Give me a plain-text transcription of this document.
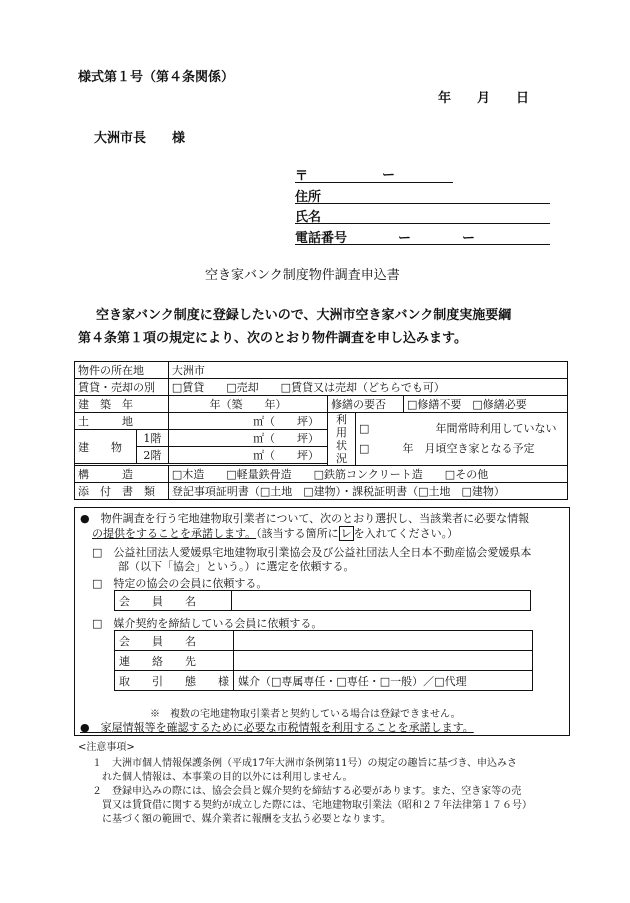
様式第１号（第４条関係）
年　　月　　日
大洲市長　　様
〒	ー
住所
氏名
電話番号	ー	ー
空き家バンク制度物件調査申込書
空き家バンク制度に登録したいので、大洲市空き家バンク制度実施要綱
第４条第１項の規定により、次のとおり物件調査を申し込みます。
物件の所在地		大洲市			
賃貸・売却の別		□賃貸　　□売却　　□賃貸又は売却（どちらでも可）			
建　築　年		年（築　　年）	修繕の要否		□修繕不要　□修繕必要
土　　　地		㎡（　　坪）	利用状況	□　　　　　　年間常時利用していない
□　　　年　月頃空き家となる予定	

建　　物	1階	㎡（　　坪）			
	2階	㎡（　　坪）			

構　　　造		□木造　　□軽量鉄骨造　　□鉄筋コンクリート造　　□その他			
添　付　書　類		登記事項証明書（□土地　□建物）・課税証明書（□土地　□建物）			
●　物件調査を行う宅地建物取引業者について、次のとおり選択し、当該業者に必要な情報
の提供をすることを承諾します。（該当する箇所に レ を入れてください。）
□　公益社団法人愛媛県宅地建物取引業協会及び公益社団法人全日本不動産協会愛媛県本
部（以下「協会」という。）に選定を依頼する。
□　特定の協会の会員に依頼する。
会　　員　　名	
□　媒介契約を締結している会員に依頼する。
会　　員　　名	
連　　絡　　先	
取　　引　　態　　様	媒介（□専属専任・□専任・□一般）／□代理
※　複数の宅地建物取引業者と契約している場合は登録できません。
●　家屋情報等を確認するために必要な市税情報を利用することを承諾します。
<注意事項>
１　大洲市個人情報保護条例（平成17年大洲市条例第11号）の規定の趣旨に基づき、申込みさ
れた個人情報は、本事業の目的以外には利用しません。
２　登録申込みの際には、協会会員と媒介契約を締結する必要があります。また、空き家等の売
買又は賃貸借に関する契約が成立した際には、宅地建物取引業法（昭和２７年法律第１７６号）
に基づく額の範囲で、媒介業者に報酬を支払う必要となります。
